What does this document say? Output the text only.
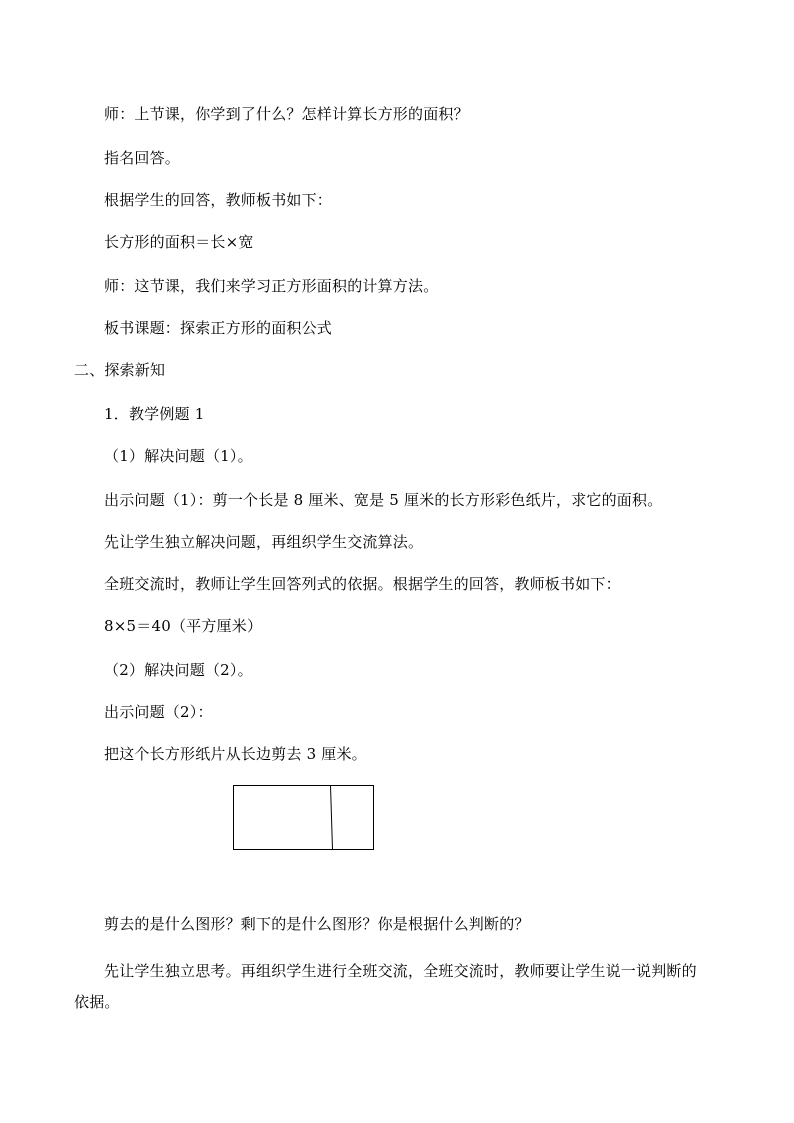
师：上节课，你学到了什么？怎样计算长方形的面积？
指名回答。
根据学生的回答，教师板书如下：
长方形的面积＝长×宽
师：这节课，我们来学习正方形面积的计算方法。
板书课题：探索正方形的面积公式
二、探索新知
1．教学例题 1
（1）解决问题（1）。
出示问题（1）：剪一个长是 8 厘米、宽是 5 厘米的长方形彩色纸片，求它的面积。
先让学生独立解决问题，再组织学生交流算法。
全班交流时，教师让学生回答列式的依据。根据学生的回答，教师板书如下：
8×5＝40（平方厘米）
（2）解决问题（2）。
出示问题（2）：
把这个长方形纸片从长边剪去 3 厘米。
剪去的是什么图形？剩下的是什么图形？你是根据什么判断的？
先让学生独立思考。再组织学生进行全班交流，全班交流时，教师要让学生说一说判断的
依据。
